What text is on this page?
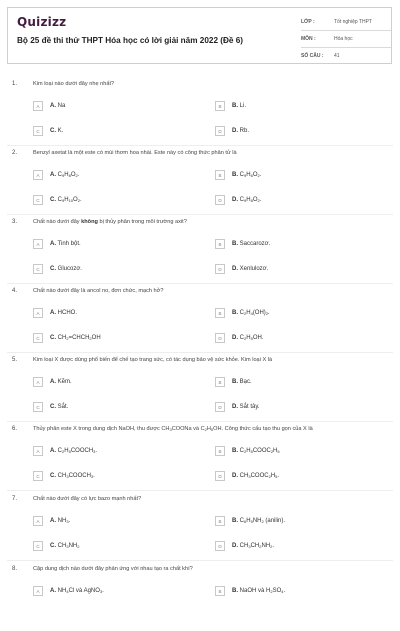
Quizizz
Bộ 25 đề thi thử THPT Hóa học có lời giải năm 2022 (Đề 6)
LỚP :	Tốt nghiệp THPT
MÔN :	Hóa học
SỐ CÂU :	41
1.	Kim loại nào dưới đây nhẹ nhất?
A	A. Na	B	B. Li.
C	C. K.	D	D. Rb.
2.	Benzyl axetat là một este có mùi thơm hoa nhài. Este này có công thức phân tử là
A	A. $C_9H_8O_2$.	B	B. $C_9H_6O_2$.
C	C. $C_9H_{10}O_2$.	D	D. $C_9H_8O_2$.
3.	Chất nào dưới đây không bị thủy phân trong môi trường axit?
A	A. Tinh bột.	B	B. Saccarozơ.
C	C. Glucozơ.	D	D. Xenlulozơ.
4.	Chất nào dưới đây là ancol no, đơn chức, mạch hở?
A	A. HCHO.	B	B. $C_2H_4(OH)_2$.
C	C. $CH_2=CHCH_2OH$	D	D. $C_2H_5OH$.
5.	Kim loại X được dùng phổ biến để chế tạo trang sức, có tác dụng bảo vệ sức khỏe. Kim loại X là
A	A. Kẽm.	B	B. Bạc.
C	C. Sắt.	D	D. Sắt tây.
6.	Thủy phân este X trong dung dịch NaOH, thu được $CH_3COONa$ và $C_2H_5OH$. Công thức cấu tạo thu gọn của X là
A	A. $C_2H_5COOCH_3$.	B	B. $C_2H_5COOC_2H_5$
C	C. $CH_3COOCH_3$.	D	D. $CH_3COOC_2H_5$.
7.	Chất nào dưới đây có lực bazo mạnh nhất?
A	A. $NH_3$.	B	B. $C_6H_5NH_2$ (anilin).
C	C. $CH_3NH_2$	D	D. $CH_3CH_2NH_2$.
8.	Cặp dung dịch nào dưới đây phản ứng với nhau tạo ra chất khí?
A	A. $NH_4Cl$ và AgNO$_3$.	B	B. NaOH và $H_2SO_4$.
